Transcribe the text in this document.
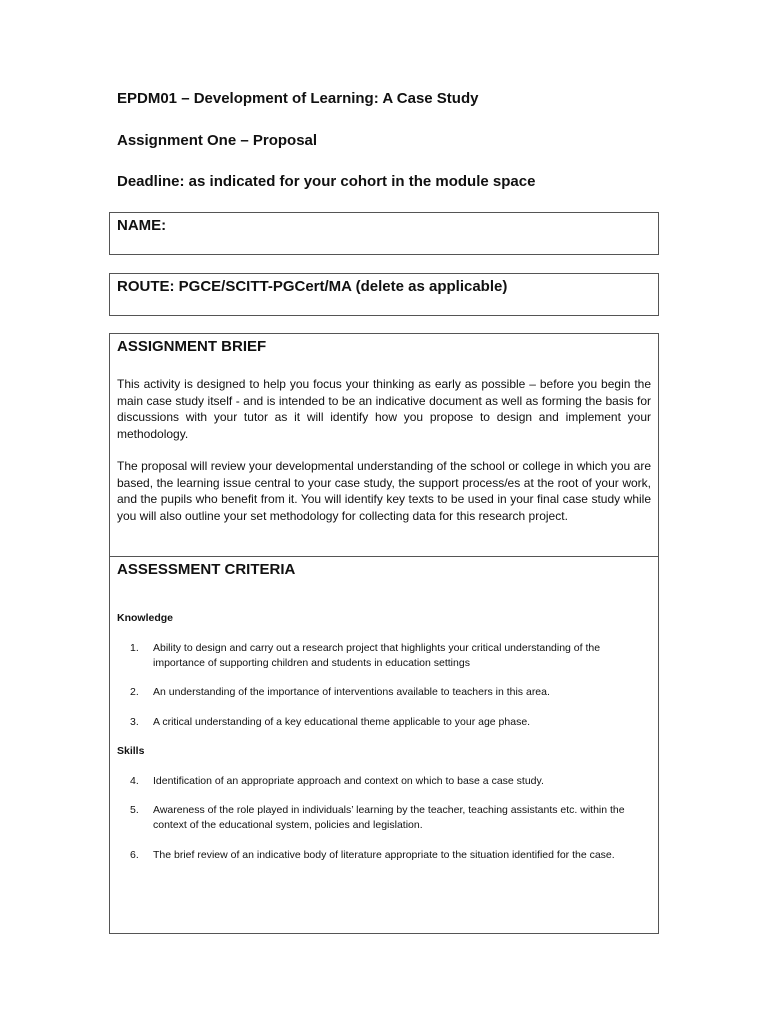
EPDM01 – Development of Learning: A Case Study
Assignment One – Proposal
Deadline: as indicated for your cohort in the module space
NAME:
ROUTE: PGCE/SCITT-PGCert/MA (delete as applicable)
ASSIGNMENT BRIEF
This activity is designed to help you focus your thinking as early as possible – before you begin the main case study itself - and is intended to be an indicative document as well as forming the basis for discussions with your tutor as it will identify how you propose to design and implement your methodology.
The proposal will review your developmental understanding of the school or college in which you are based, the learning issue central to your case study, the support process/es at the root of your work, and the pupils who benefit from it. You will identify key texts to be used in your final case study while you will also outline your set methodology for collecting data for this research project.
ASSESSMENT CRITERIA
Knowledge
1.	Ability to design and carry out a research project that highlights your critical understanding of the importance of supporting children and students in education settings
2.	An understanding of the importance of interventions available to teachers in this area.
3.	A critical understanding of a key educational theme applicable to your age phase.
Skills
4.	Identification of an appropriate approach and context on which to base a case study.
5.	Awareness of the role played in individuals’ learning by the teacher, teaching assistants etc. within the context of the educational system, policies and legislation.
6.	The brief review of an indicative body of literature appropriate to the situation identified for the case.
